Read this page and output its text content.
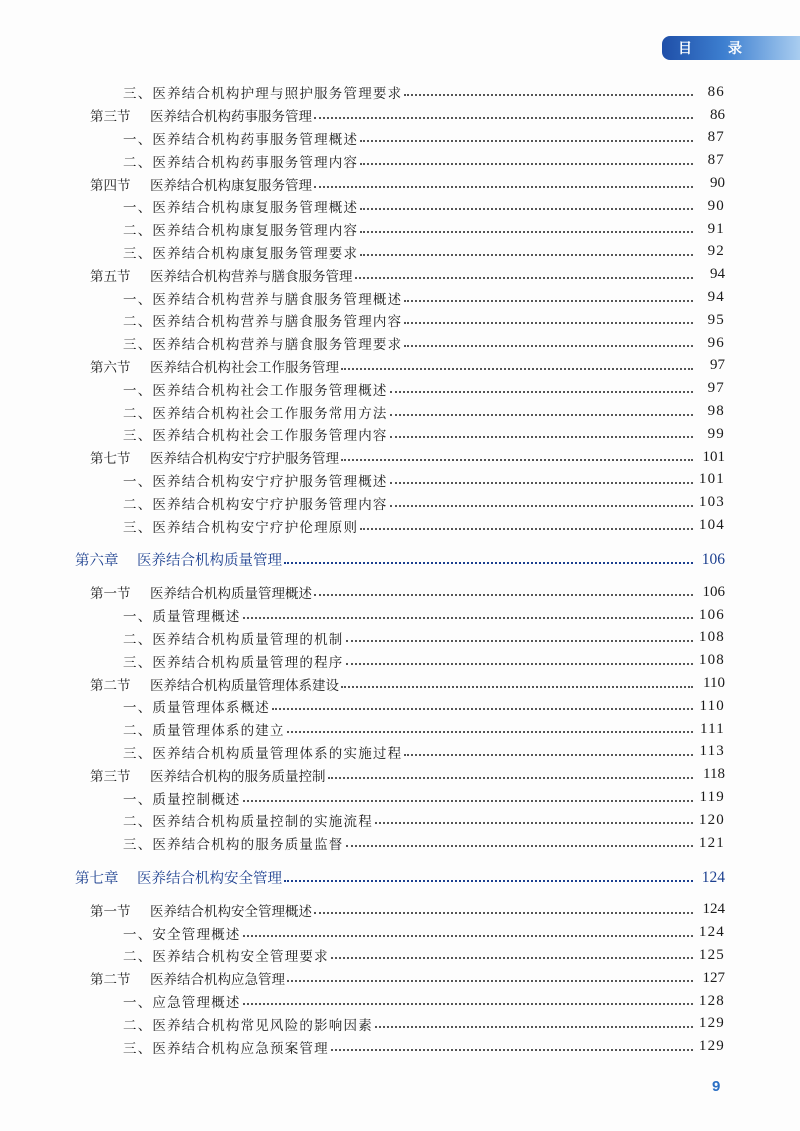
目	录
三、医养结合机构护理与照护服务管理要求	86
第三节	医养结合机构药事服务管理	86
一、医养结合机构药事服务管理概述	87
二、医养结合机构药事服务管理内容	87
第四节	医养结合机构康复服务管理	90
一、医养结合机构康复服务管理概述	90
二、医养结合机构康复服务管理内容	91
三、医养结合机构康复服务管理要求	92
第五节	医养结合机构营养与膳食服务管理	94
一、医养结合机构营养与膳食服务管理概述	94
二、医养结合机构营养与膳食服务管理内容	95
三、医养结合机构营养与膳食服务管理要求	96
第六节	医养结合机构社会工作服务管理	97
一、医养结合机构社会工作服务管理概述	97
二、医养结合机构社会工作服务常用方法	98
三、医养结合机构社会工作服务管理内容	99
第七节	医养结合机构安宁疗护服务管理	101
一、医养结合机构安宁疗护服务管理概述	101
二、医养结合机构安宁疗护服务管理内容	103
三、医养结合机构安宁疗护伦理原则	104
第六章	医养结合机构质量管理	106
第一节	医养结合机构质量管理概述	106
一、质量管理概述	106
二、医养结合机构质量管理的机制	108
三、医养结合机构质量管理的程序	108
第二节	医养结合机构质量管理体系建设	110
一、质量管理体系概述	110
二、质量管理体系的建立	111
三、医养结合机构质量管理体系的实施过程	113
第三节	医养结合机构的服务质量控制	118
一、质量控制概述	119
二、医养结合机构质量控制的实施流程	120
三、医养结合机构的服务质量监督	121
第七章	医养结合机构安全管理	124
第一节	医养结合机构安全管理概述	124
一、安全管理概述	124
二、医养结合机构安全管理要求	125
第二节	医养结合机构应急管理	127
一、应急管理概述	128
二、医养结合机构常见风险的影响因素	129
三、医养结合机构应急预案管理	129
9
